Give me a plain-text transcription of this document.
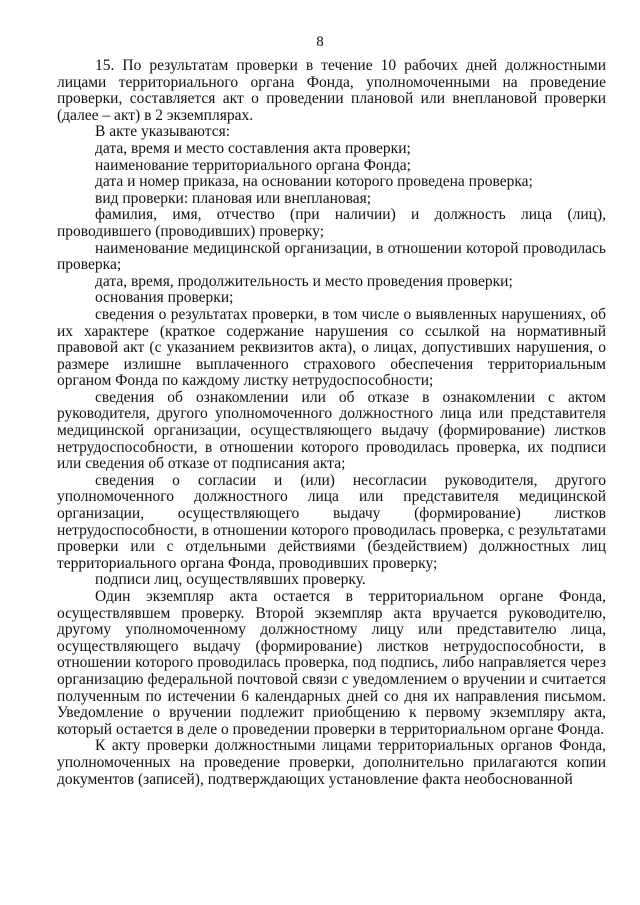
8

15. По результатам проверки в течение 10 рабочих дней должностными лицами территориального органа Фонда, уполномоченными на проведение проверки, составляется акт о проведении плановой или внеплановой проверки (далее – акт) в 2 экземплярах.

В акте указываются:

дата, время и место составления акта проверки;

наименование территориального органа Фонда;

дата и номер приказа, на основании которого проведена проверка;

вид проверки: плановая или внеплановая;

фамилия, имя, отчество (при наличии) и должность лица (лиц), проводившего (проводивших) проверку;

наименование медицинской организации, в отношении которой проводилась проверка;

дата, время, продолжительность и место проведения проверки;

основания проверки;

сведения о результатах проверки, в том числе о выявленных нарушениях, об их характере (краткое содержание нарушения со ссылкой на нормативный правовой акт (с указанием реквизитов акта), о лицах, допустивших нарушения, о размере излишне выплаченного страхового обеспечения территориальным органом Фонда по каждому листку нетрудоспособности;

сведения об ознакомлении или об отказе в ознакомлении с актом руководителя, другого уполномоченного должностного лица или представителя медицинской организации, осуществляющего выдачу (формирование) листков нетрудоспособности, в отношении которого проводилась проверка, их подписи или сведения об отказе от подписания акта;

сведения о согласии и (или) несогласии руководителя, другого уполномоченного должностного лица или представителя медицинской организации, осуществляющего выдачу (формирование) листков нетрудоспособности, в отношении которого проводилась проверка, с результатами проверки или с отдельными действиями (бездействием) должностных лиц территориального органа Фонда, проводивших проверку;

подписи лиц, осуществлявших проверку.

Один экземпляр акта остается в территориальном органе Фонда, осуществлявшем проверку. Второй экземпляр акта вручается руководителю, другому уполномоченному должностному лицу или представителю лица, осуществляющего выдачу (формирование) листков нетрудоспособности, в отношении которого проводилась проверка, под подпись, либо направляется через организацию федеральной почтовой связи с уведомлением о вручении и считается полученным по истечении 6 календарных дней со дня их направления письмом. Уведомление о вручении подлежит приобщению к первому экземпляру акта, который остается в деле о проведении проверки в территориальном органе Фонда.

К акту проверки должностными лицами территориальных органов Фонда, уполномоченных на проведение проверки, дополнительно прилагаются копии документов (записей), подтверждающих установление факта необоснованной
